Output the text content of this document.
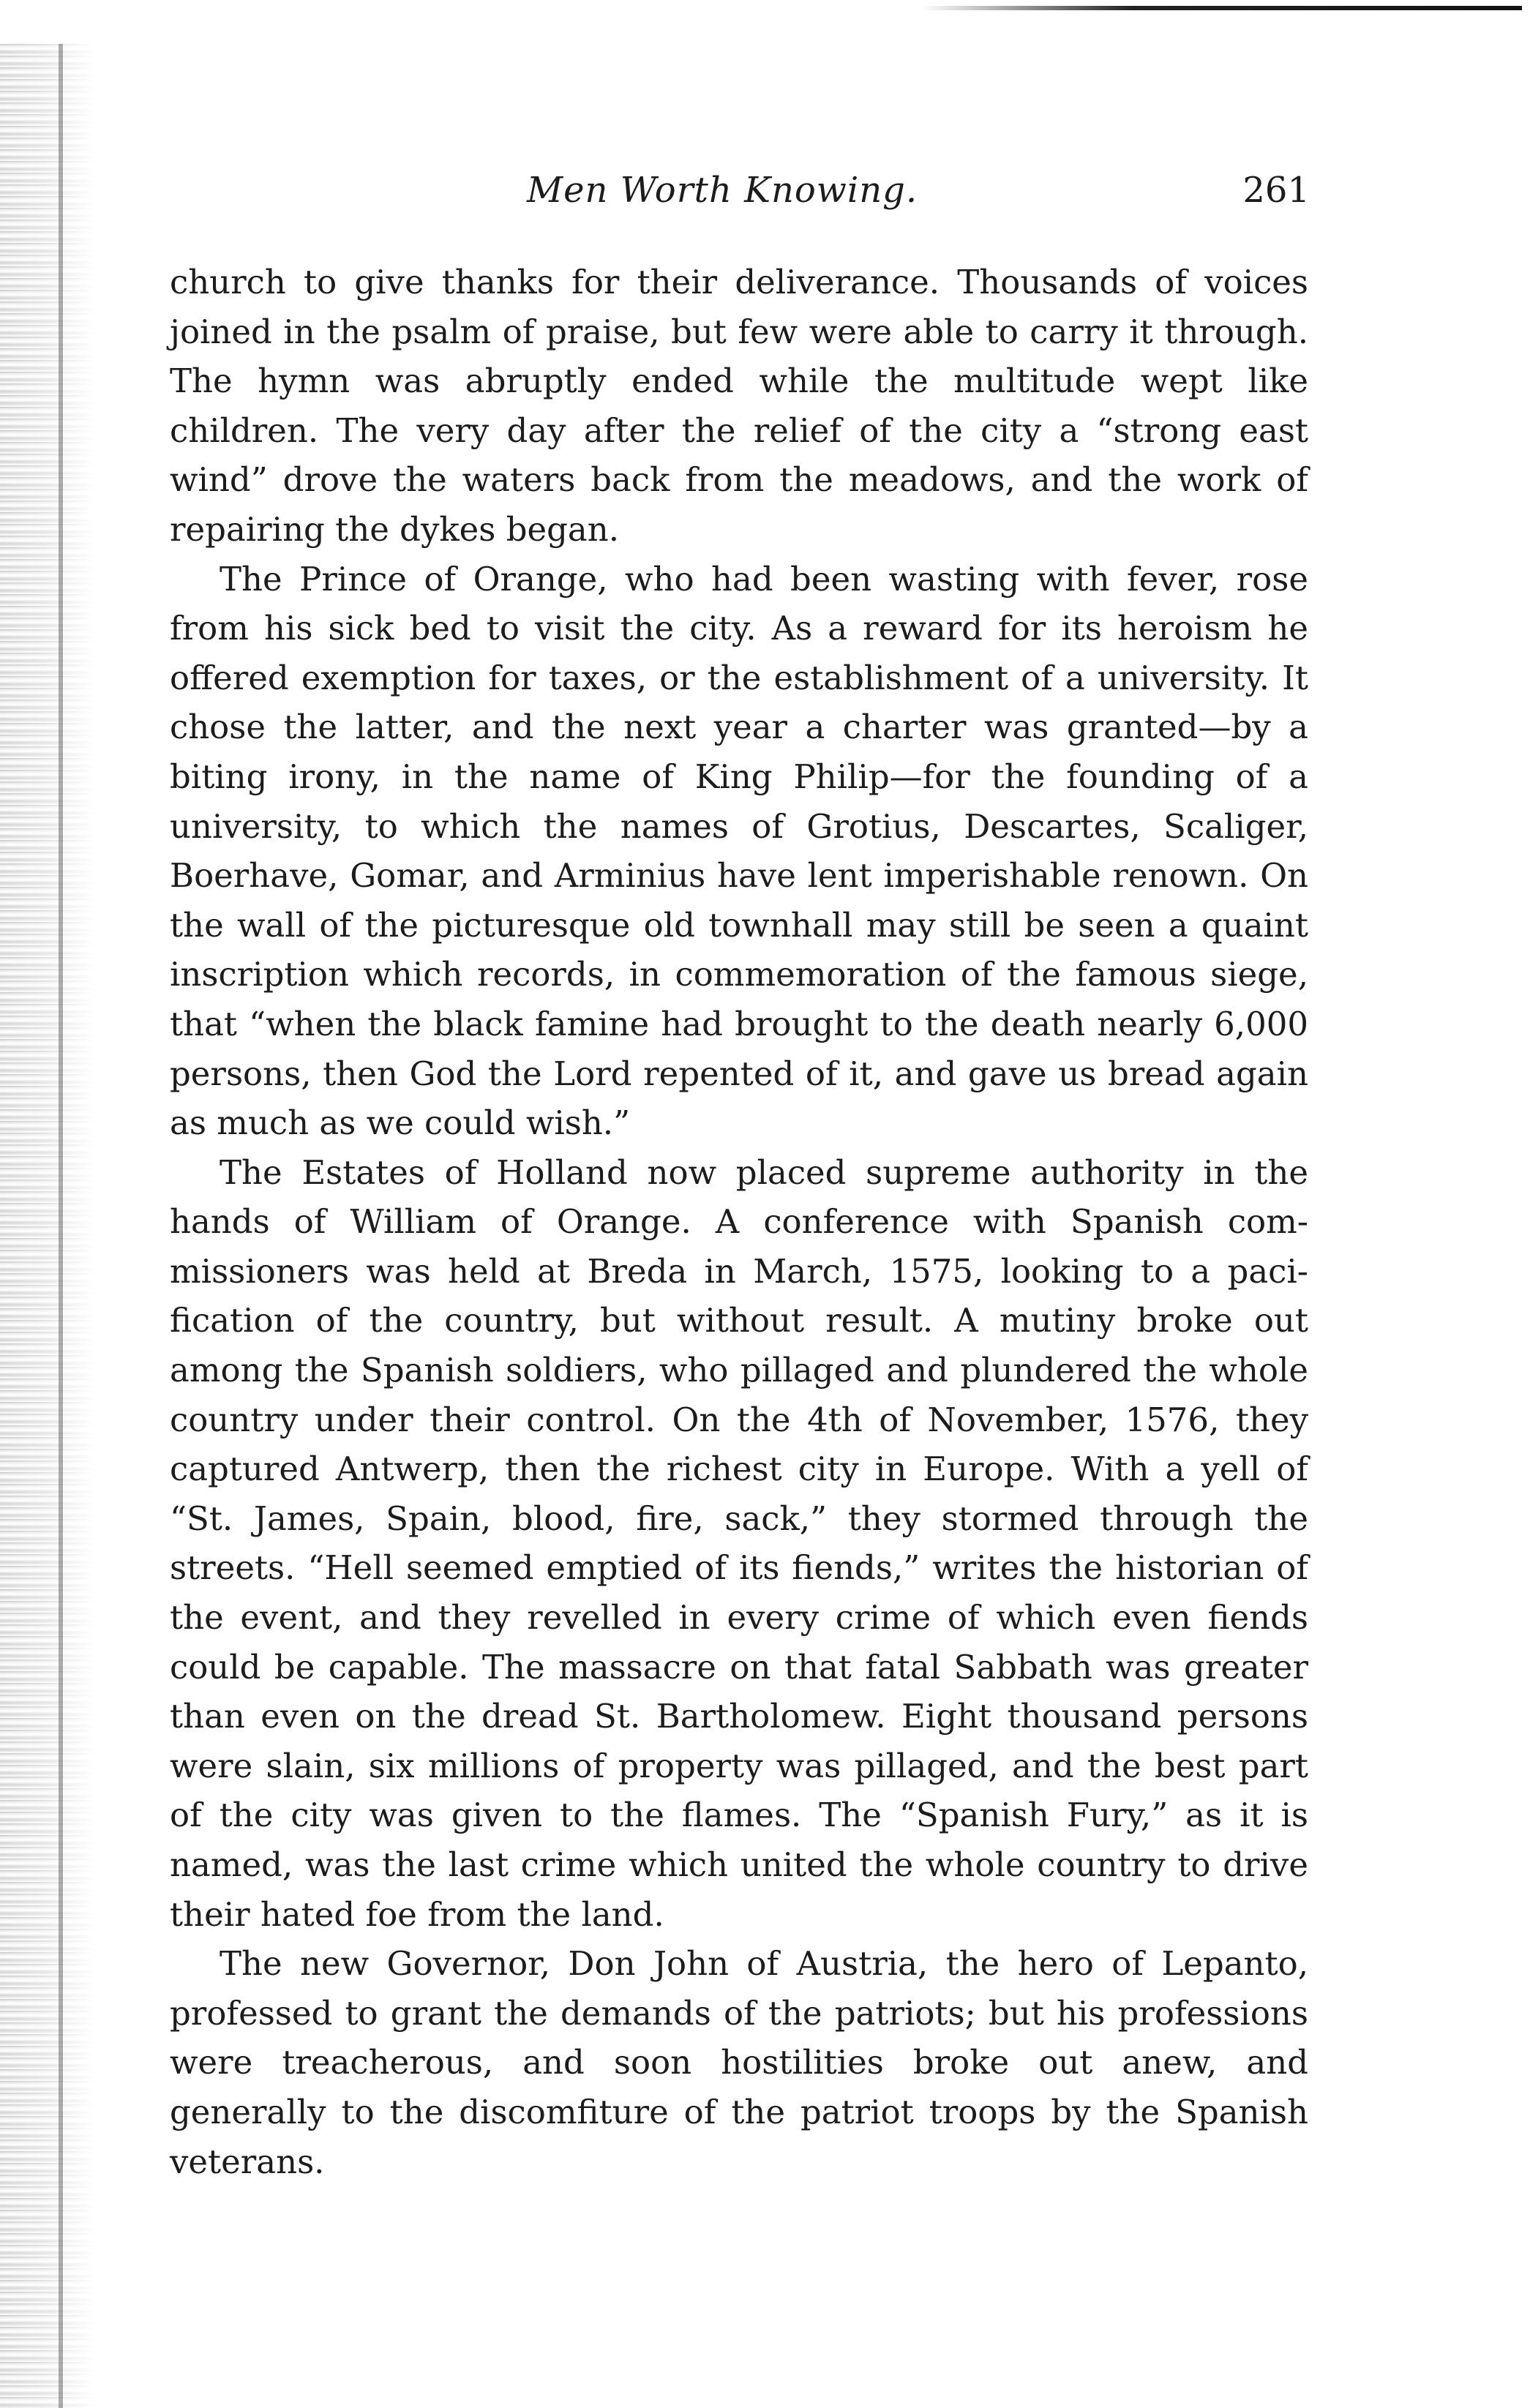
Men Worth Knowing.	261

church to give thanks for their deliverance. Thousands of voices joined in the psalm of praise, but few were able to carry it through. The hymn was abruptly ended while the multitude wept like children. The very day after the relief of the city a “strong east wind” drove the waters back from the meadows, and the work of repairing the dykes began.

The Prince of Orange, who had been wasting with fever, rose from his sick bed to visit the city. As a reward for its heroism he offered exemption for taxes, or the establishment of a university. It chose the latter, and the next year a charter was granted—by a biting irony, in the name of King Philip—for the founding of a university, to which the names of Grotius, Descartes, Scaliger, Boerhave, Gomar, and Arminius have lent imperishable renown. On the wall of the picturesque old townhall may still be seen a quaint inscription which records, in commemoration of the famous siege, that “when the black famine had brought to the death nearly 6,000 persons, then God the Lord repented of it, and gave us bread again as much as we could wish.”

The Estates of Holland now placed supreme authority in the hands of William of Orange. A conference with Spanish commissioners was held at Breda in March, 1575, looking to a pacification of the country, but without result. A mutiny broke out among the Spanish soldiers, who pillaged and plundered the whole country under their control. On the 4th of November, 1576, they captured Antwerp, then the richest city in Europe. With a yell of “St. James, Spain, blood, fire, sack,” they stormed through the streets. “Hell seemed emptied of its fiends,” writes the historian of the event, and they revelled in every crime of which even fiends could be capable. The massacre on that fatal Sabbath was greater than even on the dread St. Bartholomew. Eight thousand persons were slain, six millions of property was pillaged, and the best part of the city was given to the flames. The “Spanish Fury,” as it is named, was the last crime which united the whole country to drive their hated foe from the land.

The new Governor, Don John of Austria, the hero of Lepanto, professed to grant the demands of the patriots; but his professions were treacherous, and soon hostilities broke out anew, and generally to the discomfiture of the patriot troops by the Spanish veterans.
